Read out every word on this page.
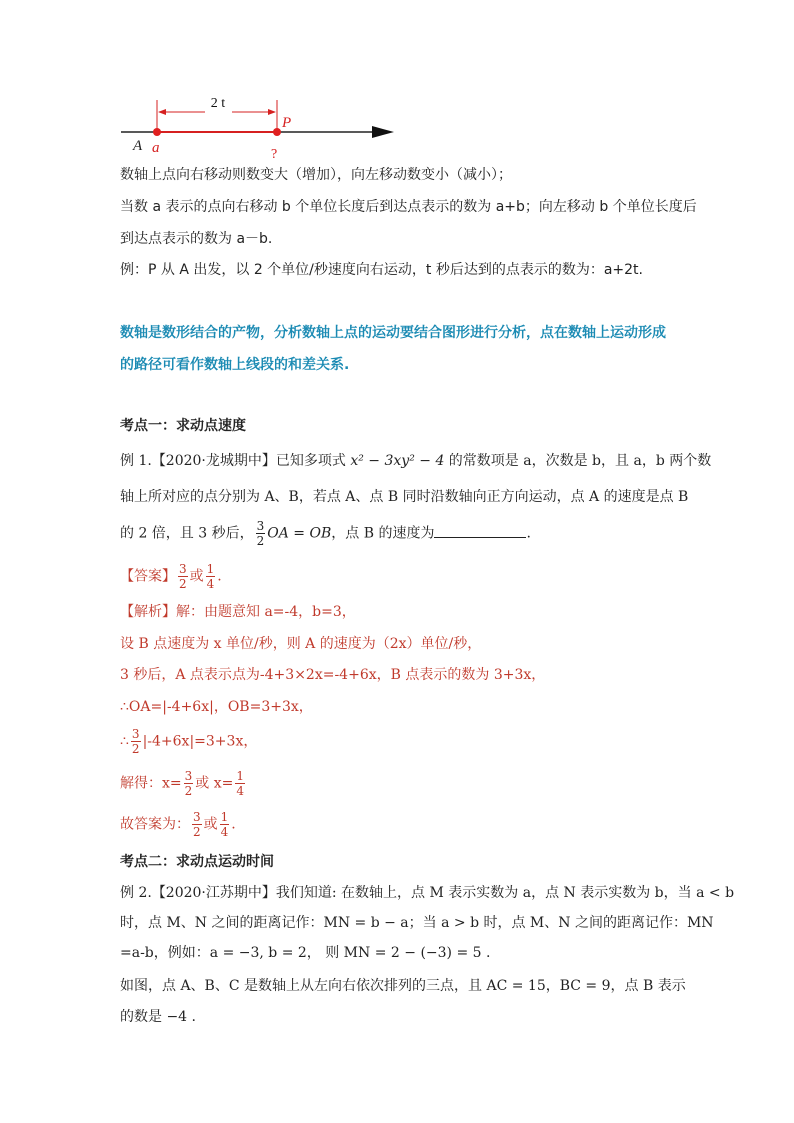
2 t
A a
P
?
数轴上点向右移动则数变大（增加），向左移动数变小（减小）；
当数 a 表示的点向右移动 b 个单位长度后到达点表示的数为 a+b；向左移动 b 个单位长度后
到达点表示的数为 a－b.
例：P 从 A 出发，以 2 个单位/秒速度向右运动，t 秒后达到的点表示的数为：a+2t.
数轴是数形结合的产物，分析数轴上点的运动要结合图形进行分析，点在数轴上运动形成
的路径可看作数轴上线段的和差关系.
考点一：求动点速度
例 1.【2020·龙城期中】已知多项式 x² − 3xy² − 4 的常数项是 a，次数是 b，且 a，b 两个数
轴上所对应的点分别为 A、B，若点 A、点 B 同时沿数轴向正方向运动，点 A 的速度是点 B
的 2 倍，且 3 秒后， $\frac{3}{2}$ OA = OB，点 B 的速度为	.
【答案】 $\frac{3}{2}$ 或 $\frac{1}{4}$ .
【解析】解：由题意知 a=-4，b=3，
设 B 点速度为 x 单位/秒，则 A 的速度为（2x）单位/秒，
3 秒后，A 点表示点为-4+3×2x=-4+6x，B 点表示的数为 3+3x，
∴OA=|-4+6x|，OB=3+3x，
∴ $\frac{3}{2} |-4+6x|=3+3x$，
解得：$x= \frac{3}{2}$ 或 $x= \frac{1}{4}$
故答案为： $\frac{3}{2}$ 或 $\frac{1}{4}$ .
考点二：求动点运动时间
例 2.【2020·江苏期中】我们知道: 在数轴上，点 M 表示实数为 a，点 N 表示实数为 b，当 a < b
时，点 M、N 之间的距离记作：MN = b − a；当 a > b 时，点 M、N 之间的距离记作：MN
=a-b，例如：a = −3, b = 2， 则 MN = 2 − (−3) = 5 .
如图，点 A、B、C 是数轴上从左向右依次排列的三点，且 AC = 15，BC = 9，点 B 表示
的数是 −4 .
